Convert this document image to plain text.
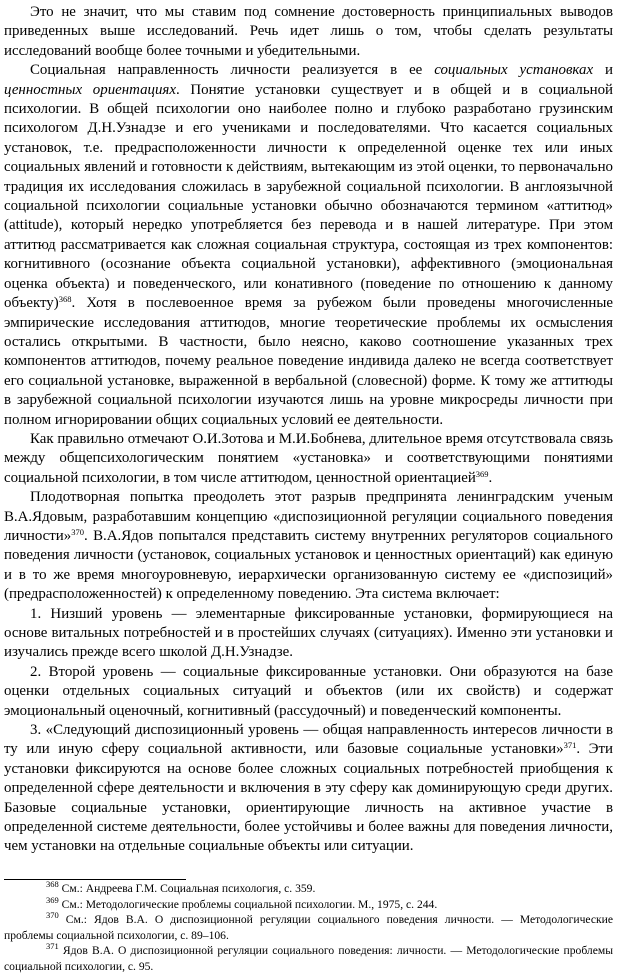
Это не значит, что мы ставим под сомнение достоверность принципиальных выводов приведенных выше исследований. Речь идет лишь о том, чтобы сделать результаты исследований вообще более точными и убедительными.

Социальная направленность личности реализуется в ее социальных установках и ценностных ориентациях. Понятие установки существует и в общей и в социальной психологии. В общей психологии оно наиболее полно и глубоко разработано грузинским психологом Д.Н.Узнадзе и его учениками и последователями. Что касается социальных установок, т.е. предрасположенности личности к определенной оценке тех или иных социальных явлений и готовности к действиям, вытекающим из этой оценки, то первоначально традиция их исследования сложилась в зарубежной социальной психологии. В англоязычной социальной психологии социальные установки обычно обозначаются термином «аттитюд» (attitude), который нередко употребляется без перевода и в нашей литературе. При этом аттитюд рассматривается как сложная социальная структура, состоящая из трех компонентов: когнитивного (осознание объекта социальной установки), аффективного (эмоциональная оценка объекта) и поведенческого, или конативного (поведение по отношению к данному объекту)$^{368}$. Хотя в послевоенное время за рубежом были проведены многочисленные эмпирические исследования аттитюдов, многие теоретические проблемы их осмысления остались открытыми. В частности, было неясно, каково соотношение указанных трех компонентов аттитюдов, почему реальное поведение индивида далеко не всегда соответствует его социальной установке, выраженной в вербальной (словесной) форме. К тому же аттитюды в зарубежной социальной психологии изучаются лишь на уровне микросреды личности при полном игнорировании общих социальных условий ее деятельности.

Как правильно отмечают О.И.Зотова и М.И.Бобнева, длительное время отсутствовала связь между общепсихологическим понятием «установка» и соответствующими понятиями социальной психологии, в том числе аттитюдом, ценностной ориентацией$^{369}$.

Плодотворная попытка преодолеть этот разрыв предпринята ленинградским ученым В.А.Ядовым, разработавшим концепцию «диспозиционной регуляции социального поведения личности»$^{370}$. В.А.Ядов попытался представить систему внутренних регуляторов социального поведения личности (установок, социальных установок и ценностных ориентаций) как единую и в то же время многоуровневую, иерархически организованную систему ее «диспозиций» (предрасположенностей) к определенному поведению. Эта система включает:

1. Низший уровень — элементарные фиксированные установки, формирующиеся на основе витальных потребностей и в простейших случаях (ситуациях). Именно эти установки и изучались прежде всего школой Д.Н.Узнадзе.

2. Второй уровень — социальные фиксированные установки. Они образуются на базе оценки отдельных социальных ситуаций и объектов (или их свойств) и содержат эмоциональный оценочный, когнитивный (рассудочный) и поведенческий компоненты.

3. «Следующий диспозиционный уровень — общая направленность интересов личности в ту или иную сферу социальной активности, или базовые социальные установки»$^{371}$. Эти установки фиксируются на основе более сложных социальных потребностей приобщения к определенной сфере деятельности и включения в эту сферу как доминирующую среди других. Базовые социальные установки, ориентирующие личность на активное участие в определенной системе деятельности, более устойчивы и более важны для поведения личности, чем установки на отдельные социальные объекты или ситуации.

$^{368}$ См.: Андреева Г.М. Социальная психология, с. 359.

$^{369}$ См.: Методологические проблемы социальной психологии. М., 1975, с. 244.

$^{370}$ См.: Ядов В.А. О диспозиционной регуляции социального поведения личности. — Методологические проблемы социальной психологии, с. 89–106.

$^{371}$ Ядов В.А. О диспозиционной регуляции социального поведения: личности. — Методологические проблемы социальной психологии, с. 95.
